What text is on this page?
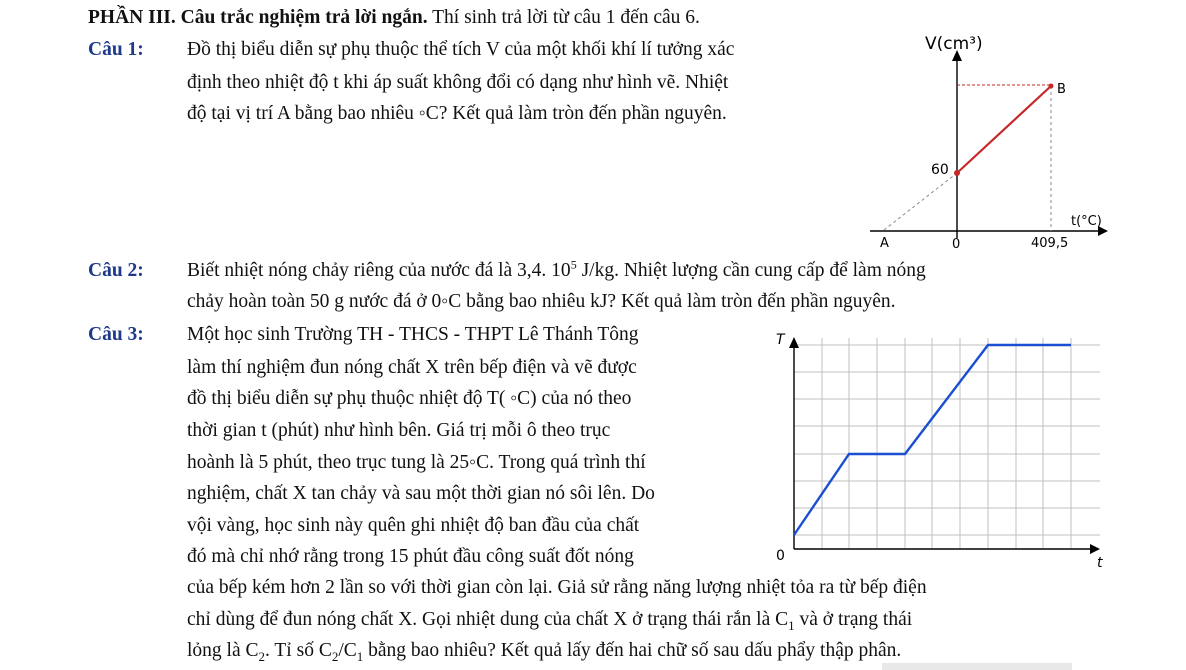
PHẦN III. Câu trắc nghiệm trả lời ngắn. Thí sinh trả lời từ câu 1 đến câu 6.
Câu 1: Đồ thị biểu diễn sự phụ thuộc thể tích V của một khối khí lí tưởng xác
định theo nhiệt độ t khi áp suất không đổi có dạng như hình vẽ. Nhiệt
độ tại vị trí A bằng bao nhiêu ◦C? Kết quả làm tròn đến phần nguyên.
V(cm³)
B
60
t(°C)
A	0	409,5
Câu 2: Biết nhiệt nóng chảy riêng của nước đá là 3,4. $10^5$ J/kg. Nhiệt lượng cần cung cấp để làm nóng
chảy hoàn toàn 50 g nước đá ở 0◦C bằng bao nhiêu kJ? Kết quả làm tròn đến phần nguyên.
Câu 3: Một học sinh Trường TH - THCS - THPT Lê Thánh Tông
làm thí nghiệm đun nóng chất X trên bếp điện và vẽ được
đồ thị biểu diễn sự phụ thuộc nhiệt độ T( ◦C) của nó theo
thời gian t (phút) như hình bên. Giá trị mỗi ô theo trục
hoành là 5 phút, theo trục tung là 25◦C. Trong quá trình thí
nghiệm, chất X tan chảy và sau một thời gian nó sôi lên. Do
vội vàng, học sinh này quên ghi nhiệt độ ban đầu của chất
đó mà chỉ nhớ rằng trong 15 phút đầu công suất đốt nóng
của bếp kém hơn 2 lần so với thời gian còn lại. Giả sử rằng năng lượng nhiệt tỏa ra từ bếp điện
chỉ dùng để đun nóng chất X. Gọi nhiệt dung của chất X ở trạng thái rắn là $C_1$ và ở trạng thái
lỏng là $C_2$. Tỉ số $C_2/C_1$ bằng bao nhiêu? Kết quả lấy đến hai chữ số sau dấu phẩy thập phân.
T
0	t
